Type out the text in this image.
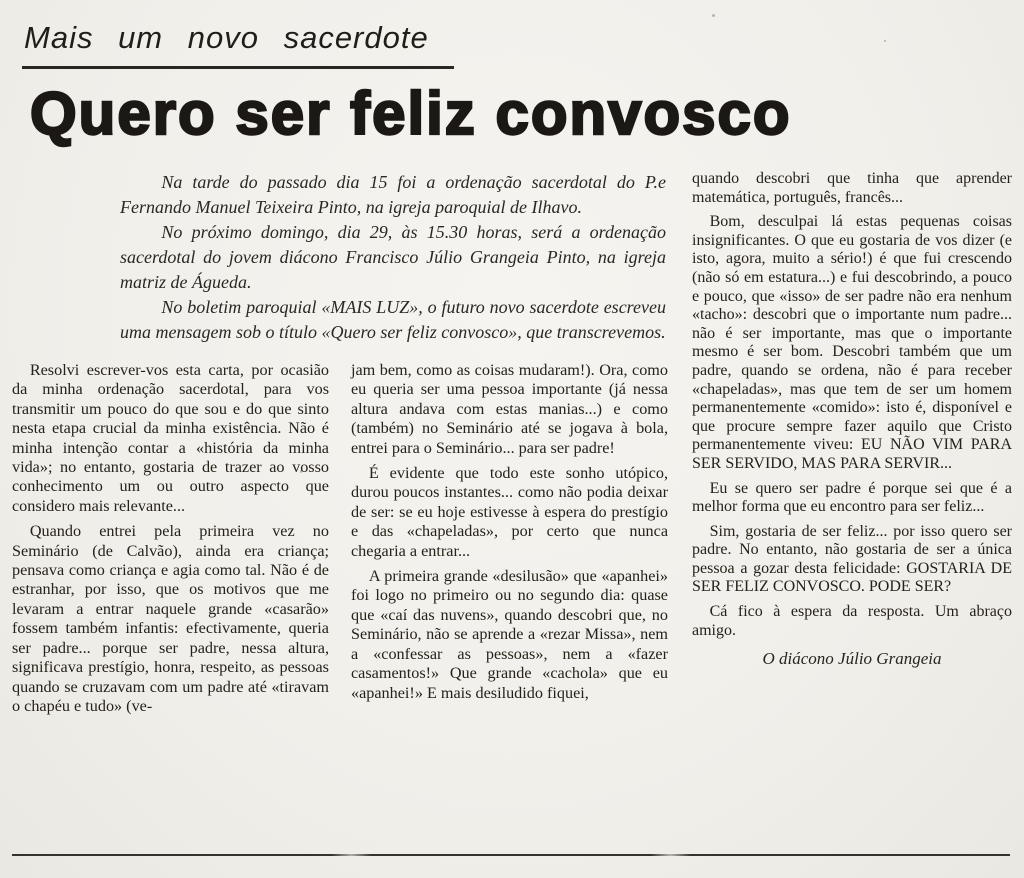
Mais um novo sacerdote
Quero ser feliz convosco

Na tarde do passado dia 15 foi a ordenação sacerdotal do P.e Fernando Manuel Teixeira Pinto, na igreja paroquial de Ilhavo.

No próximo domingo, dia 29, às 15.30 horas, será a ordenação sacerdotal do jovem diácono Francisco Júlio Grangeia Pinto, na igreja matriz de Águeda.

No boletim paroquial «MAIS LUZ», o futuro novo sacerdote escreveu uma mensagem sob o título «Quero ser feliz convosco», que transcrevemos.

Resolvi escrever-vos esta carta, por ocasião da minha ordenação sacerdotal, para vos transmitir um pouco do que sou e do que sinto nesta etapa crucial da minha existência. Não é minha intenção contar a «história da minha vida»; no entanto, gostaria de trazer ao vosso conhecimento um ou outro aspecto que considero mais relevante...

Quando entrei pela primeira vez no Seminário (de Calvão), ainda era criança; pensava como criança e agia como tal. Não é de estranhar, por isso, que os motivos que me levaram a entrar naquele grande «casarão» fossem também infantis: efectivamente, queria ser padre... porque ser padre, nessa altura, significava prestígio, honra, respeito, as pessoas quando se cruzavam com um padre até «tiravam o chapéu e tudo» (ve-

jam bem, como as coisas mudaram!). Ora, como eu queria ser uma pessoa importante (já nessa altura andava com estas manias...) e como (também) no Seminário até se jogava à bola, entrei para o Seminário... para ser padre!

É evidente que todo este sonho utópico, durou poucos instantes... como não podia deixar de ser: se eu hoje estivesse à espera do prestígio e das «chapeladas», por certo que nunca chegaria a entrar...

A primeira grande «desilusão» que «apanhei» foi logo no primeiro ou no segundo dia: quase que «caí das nuvens», quando descobri que, no Seminário, não se aprende a «rezar Missa», nem a «confessar as pessoas», nem a «fazer casamentos!» Que grande «cachola» que eu «apanhei!» E mais desiludido fiquei,

quando descobri que tinha que aprender matemática, português, francês...

Bom, desculpai lá estas pequenas coisas insignificantes. O que eu gostaria de vos dizer (e isto, agora, muito a sério!) é que fui crescendo (não só em estatura...) e fui descobrindo, a pouco e pouco, que «isso» de ser padre não era nenhum «tacho»: descobri que o importante num padre... não é ser importante, mas que o importante mesmo é ser bom. Descobri também que um padre, quando se ordena, não é para receber «chapeladas», mas que tem de ser um homem permanentemente «comido»: isto é, disponível e que procure sempre fazer aquilo que Cristo permanentemente viveu: EU NÃO VIM PARA SER SERVIDO, MAS PARA SERVIR...

Eu se quero ser padre é porque sei que é a melhor forma que eu encontro para ser feliz...

Sim, gostaria de ser feliz... por isso quero ser padre. No entanto, não gostaria de ser a única pessoa a gozar desta felicidade: GOSTARIA DE SER FELIZ CONVOSCO. PODE SER?

Cá fico à espera da resposta. Um abraço amigo.

O diácono Júlio Grangeia
